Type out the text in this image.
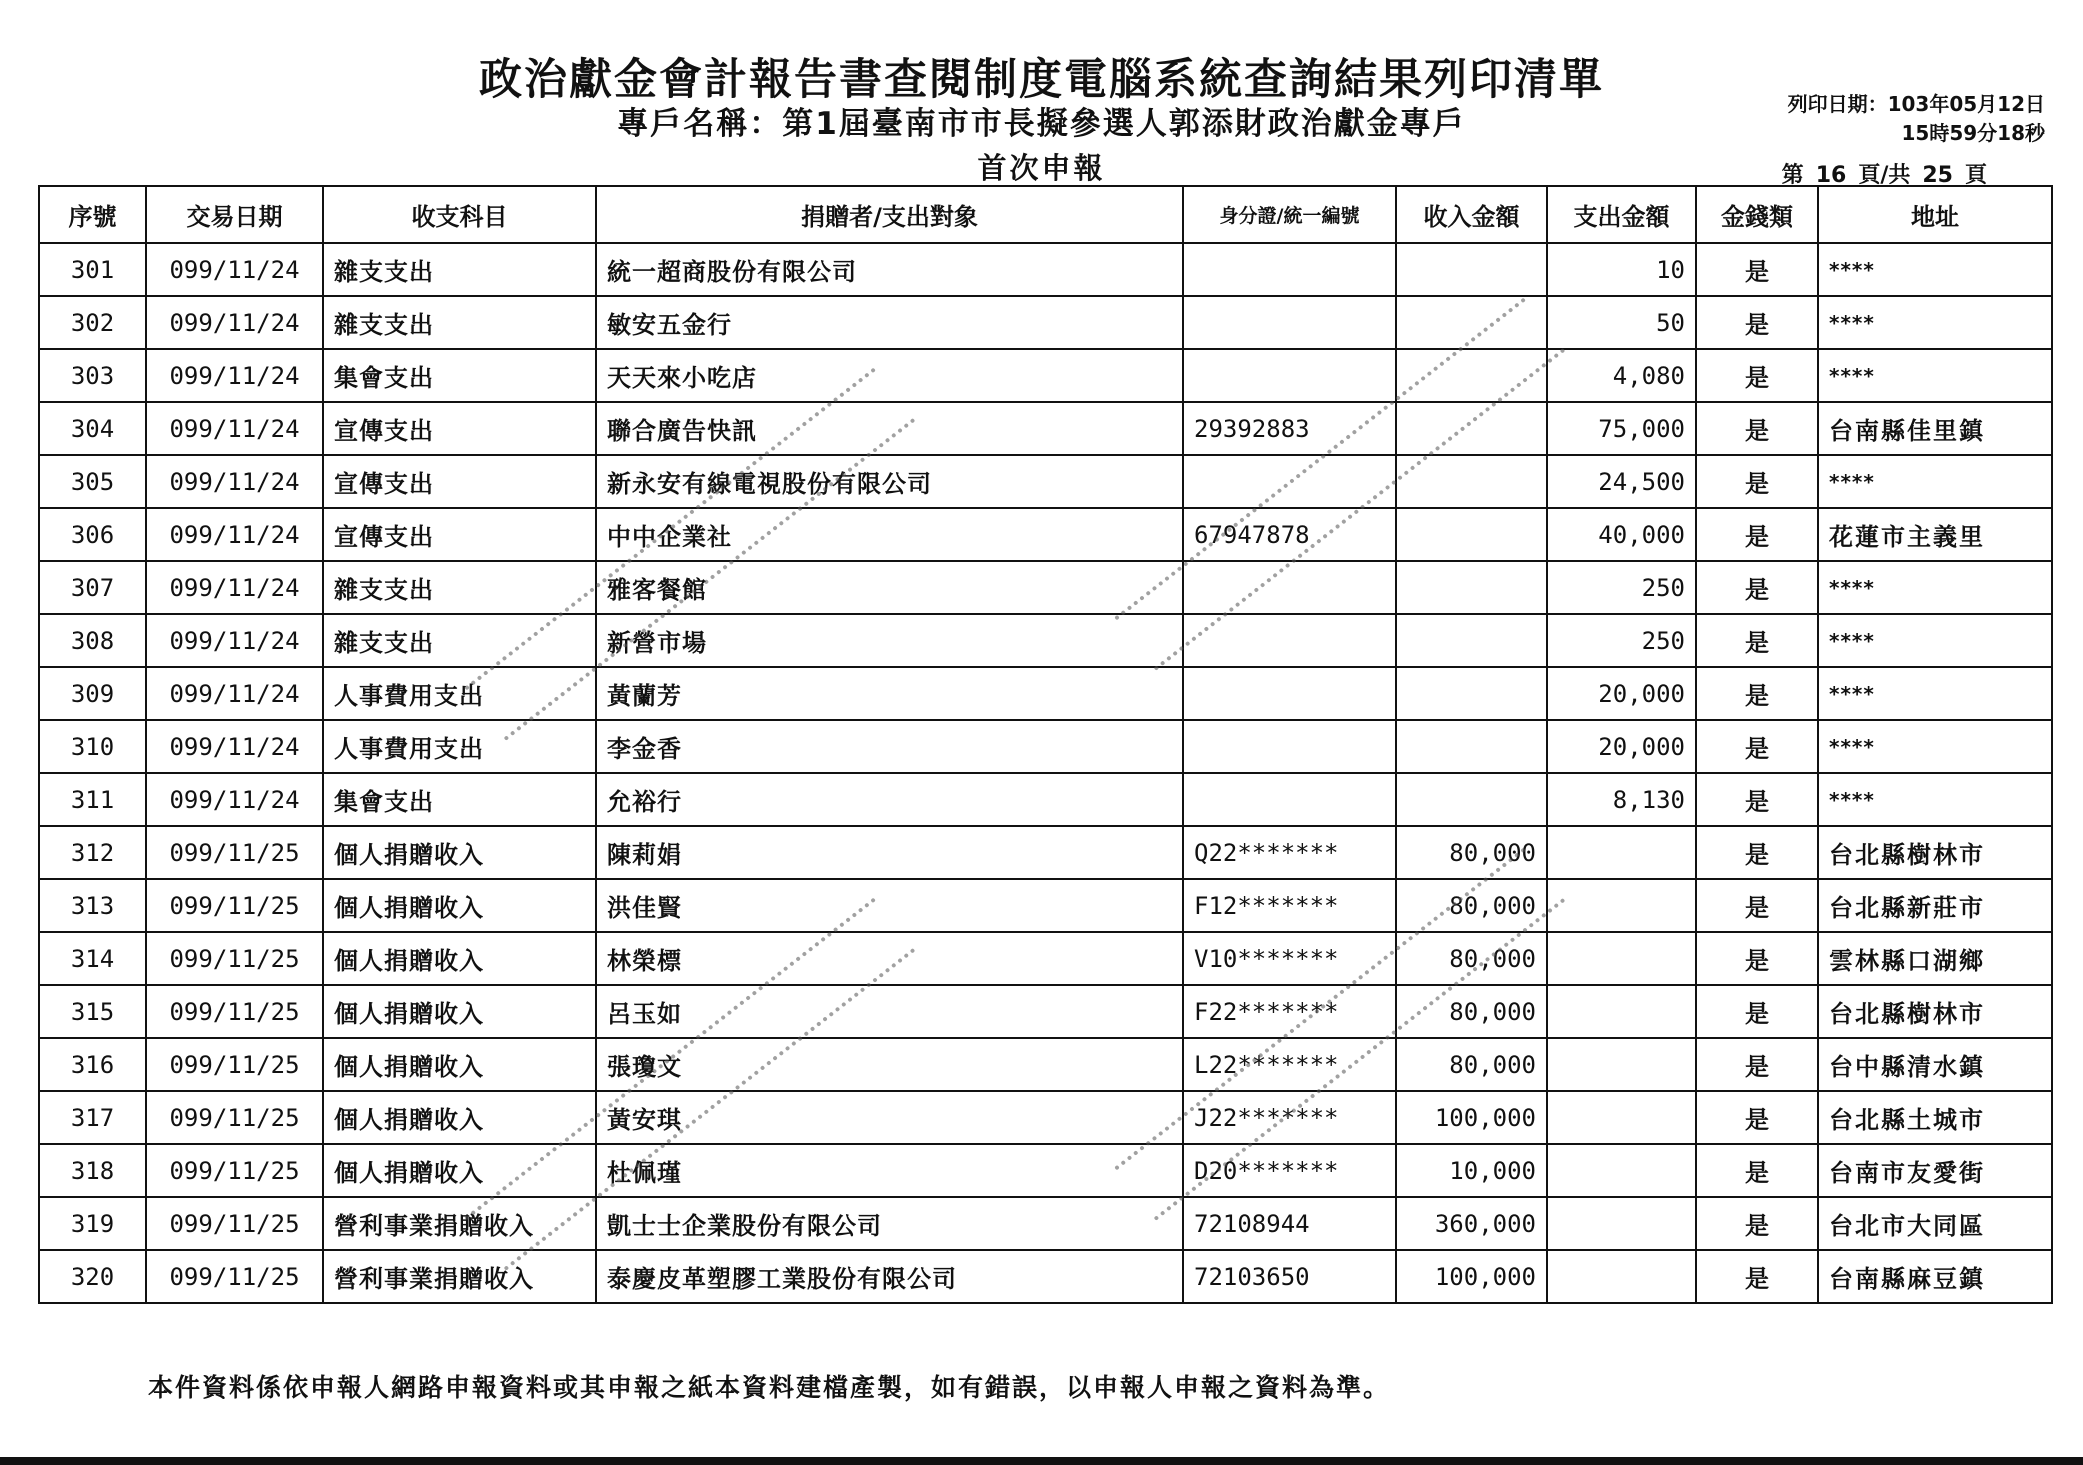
政治獻金會計報告書查閱制度電腦系統查詢結果列印清單
專戶名稱：第1屆臺南市市長擬參選人郭添財政治獻金專戶
首次申報
列印日期：103年05月12日
15時59分18秒
第 16 頁/共 25 頁
序號	交易日期	收支科目	捐贈者/支出對象	身分證/統一編號	收入金額	支出金額	金錢類	地址
301	099/11/24	雜支支出	統一超商股份有限公司			10	是	****
302	099/11/24	雜支支出	敏安五金行			50	是	****
303	099/11/24	集會支出	天天來小吃店			4,080	是	****
304	099/11/24	宣傳支出	聯合廣告快訊	29392883		75,000	是	台南縣佳里鎮
305	099/11/24	宣傳支出	新永安有線電視股份有限公司			24,500	是	****
306	099/11/24	宣傳支出	中中企業社	67947878		40,000	是	花蓮市主義里
307	099/11/24	雜支支出	雅客餐館			250	是	****
308	099/11/24	雜支支出	新營市場			250	是	****
309	099/11/24	人事費用支出	黃蘭芳			20,000	是	****
310	099/11/24	人事費用支出	李金香			20,000	是	****
311	099/11/24	集會支出	允裕行			8,130	是	****
312	099/11/25	個人捐贈收入	陳莉娟	Q22*******	80,000		是	台北縣樹林市
313	099/11/25	個人捐贈收入	洪佳賢	F12*******	80,000		是	台北縣新莊市
314	099/11/25	個人捐贈收入	林榮標	V10*******	80,000		是	雲林縣口湖鄉
315	099/11/25	個人捐贈收入	呂玉如	F22*******	80,000		是	台北縣樹林市
316	099/11/25	個人捐贈收入	張瓊文	L22*******	80,000		是	台中縣清水鎮
317	099/11/25	個人捐贈收入	黃安琪	J22*******	100,000		是	台北縣土城市
318	099/11/25	個人捐贈收入	杜佩瑾	D20*******	10,000		是	台南市友愛街
319	099/11/25	營利事業捐贈收入	凱士士企業股份有限公司	72108944	360,000		是	台北市大同區
320	099/11/25	營利事業捐贈收入	泰慶皮革塑膠工業股份有限公司	72103650	100,000		是	台南縣麻豆鎮
本件資料係依申報人網路申報資料或其申報之紙本資料建檔產製，如有錯誤，以申報人申報之資料為準。
